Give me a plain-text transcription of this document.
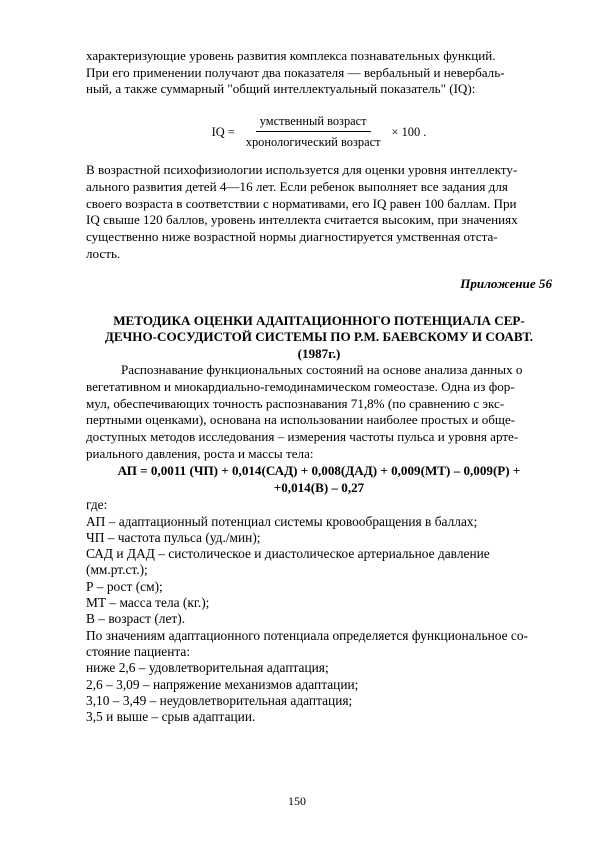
характеризующие уровень развития комплекса познавательных функций.

При его применении получают два показателя — вербальный и невербаль-

ный, а также суммарный "общий интеллектуальный показатель" (IQ):

IQ = $\frac{\text{умственный возраст}}{\text{хронологический возраст}} \times 100$ .

В возрастной психофизиологии используется для оценки уровня интеллекту-

ального развития детей 4—16 лет. Если ребенок выполняет все задания для

своего возраста в соответствии с нормативами, его IQ равен 100 баллам. При

IQ свыше 120 баллов, уровень интеллекта считается высоким, при значениях

существенно ниже возрастной нормы диагностируется умственная отста-

лость.

Приложение 56
МЕТОДИКА ОЦЕНКИ АДАПТАЦИОННОГО ПОТЕНЦИАЛА СЕР-
ДЕЧНО-СОСУДИСТОЙ СИСТЕМЫ ПО Р.М. БАЕВСКОМУ И СОАВТ.
(1987г.)

Распознавание функциональных состояний на основе анализа данных о

вегетативном и миокардиально-гемодинамическом гомеостазе. Одна из фор-

мул, обеспечивающих точность распознавания 71,8% (по сравнению с экс-

пертными оценками), основана на использовании наиболее простых и обще-

доступных методов исследования – измерения частоты пульса и уровня арте-

риального давления, роста и массы тела:

АП = 0,0011 (ЧП) + 0,014(САД) + 0,008(ДАД) + 0,009(МТ) – 0,009(Р) +
+0,014(В) – 0,27

где:

АП – адаптационный потенциал системы кровообращения в баллах;

ЧП – частота пульса (уд./мин);

САД и ДАД – систолическое и диастолическое артериальное давление

(мм.рт.ст.);

Р – рост (см);

МТ – масса тела (кг.);

В – возраст (лет).

По значениям адаптационного потенциала определяется функциональное со-

стояние пациента:

ниже 2,6 – удовлетворительная адаптация;

2,6 – 3,09 – напряжение механизмов адаптации;

3,10 – 3,49 – неудовлетворительная адаптация;

3,5 и выше – срыв адаптации.

150
